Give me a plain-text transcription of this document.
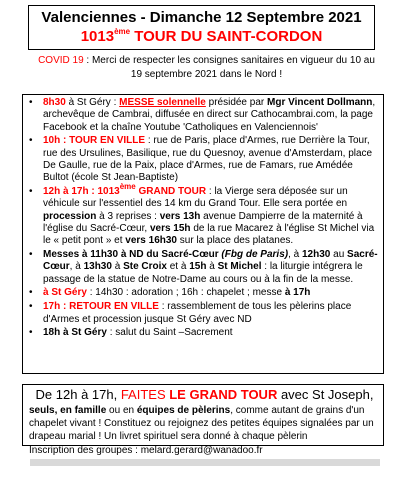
Valenciennes - Dimanche 12 Septembre 2021
1013ème TOUR DU SAINT-CORDON
COVID 19 : Merci de respecter les consignes sanitaires en vigueur du 10 au 19 septembre 2021 dans le Nord !
• 8h30 à St Géry : MESSE solennelle présidée par Mgr Vincent Dollmann, archevêque de Cambrai, diffusée en direct sur Cathocambrai.com, la page Facebook et la chaîne Youtube 'Catholiques en Valenciennois'
• 10h : TOUR EN VILLE : rue de Paris, place d'Armes, rue Derrière la Tour, rue des Ursulines, Basilique, rue du Quesnoy, avenue d'Amsterdam, place De Gaulle, rue de la Paix, place d'Armes, rue de Famars, rue Amédée Bultot (école St Jean-Baptiste)
• 12h à 17h : 1013ème GRAND TOUR : la Vierge sera déposée sur un véhicule sur l'essentiel des 14 km du Grand Tour. Elle sera portée en procession à 3 reprises : vers 13h avenue Dampierre de la maternité à l'église du Sacré-Cœur, vers 15h de la rue Macarez à l'église St Michel via le « petit pont » et vers 16h30 sur la place des platanes.
• Messes à 11h30 à ND du Sacré-Cœur (Fbg de Paris), à 12h30 au Sacré-Cœur, à 13h30 à Ste Croix et à 15h à St Michel : la liturgie intégrera le passage de la statue de Notre-Dame au cours ou à la fin de la messe.
• à St Géry : 14h30 : adoration ; 16h : chapelet ; messe à 17h
• 17h : RETOUR EN VILLE : rassemblement de tous les pèlerins place d'Armes et procession jusque St Géry avec ND
• 18h à St Géry : salut du Saint –Sacrement
De 12h à 17h, FAITES LE GRAND TOUR avec St Joseph,
seuls, en famille ou en équipes de pèlerins, comme autant de grains d'un chapelet vivant ! Constituez ou rejoignez des petites équipes signalées par un drapeau marial ! Un livret spirituel sera donné à chaque pèlerin
Inscription des groupes : melard.gerard@wanadoo.fr
